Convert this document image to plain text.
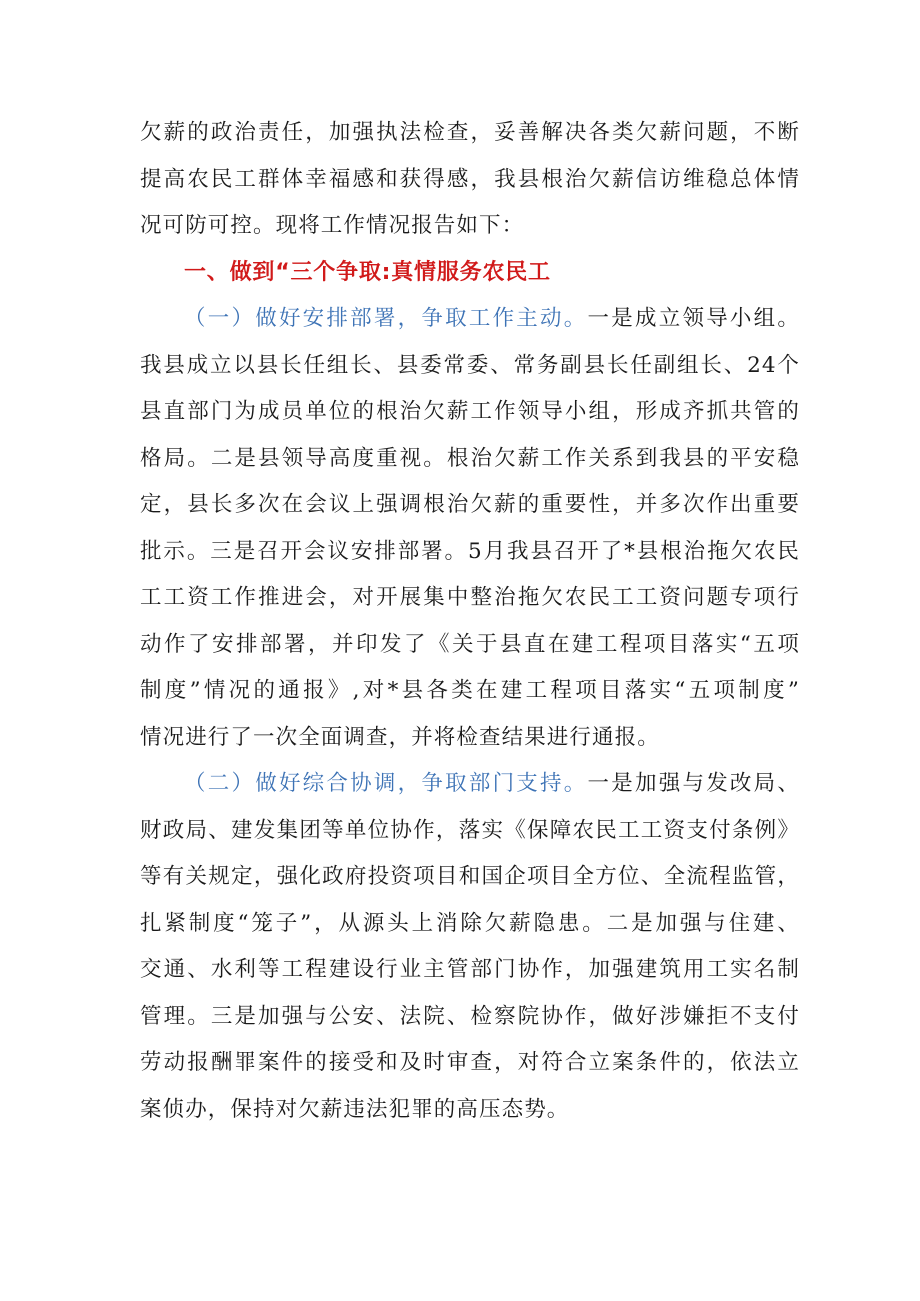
欠薪的政治责任，加强执法检查，妥善解决各类欠薪问题，不断
提高农民工群体幸福感和获得感，我县根治欠薪信访维稳总体情
况可防可控。现将工作情况报告如下：
一、做到“三个争取:真情服务农民工
（一）做好安排部署，争取工作主动。一是成立领导小组。
我县成立以县长任组长、县委常委、常务副县长任副组长、24个
县直部门为成员单位的根治欠薪工作领导小组，形成齐抓共管的
格局。二是县领导高度重视。根治欠薪工作关系到我县的平安稳
定，县长多次在会议上强调根治欠薪的重要性，并多次作出重要
批示。三是召开会议安排部署。5月我县召开了*县根治拖欠农民
工工资工作推进会，对开展集中整治拖欠农民工工资问题专项行
动作了安排部署，并印发了《关于县直在建工程项目落实“五项
制度”情况的通报》,对*县各类在建工程项目落实“五项制度”
情况进行了一次全面调查，并将检查结果进行通报。
（二）做好综合协调，争取部门支持。一是加强与发改局、
财政局、建发集团等单位协作，落实《保障农民工工资支付条例》
等有关规定，强化政府投资项目和国企项目全方位、全流程监管，
扎紧制度“笼子”，从源头上消除欠薪隐患。二是加强与住建、
交通、水利等工程建设行业主管部门协作，加强建筑用工实名制
管理。三是加强与公安、法院、检察院协作，做好涉嫌拒不支付
劳动报酬罪案件的接受和及时审查，对符合立案条件的，依法立
案侦办，保持对欠薪违法犯罪的高压态势。
